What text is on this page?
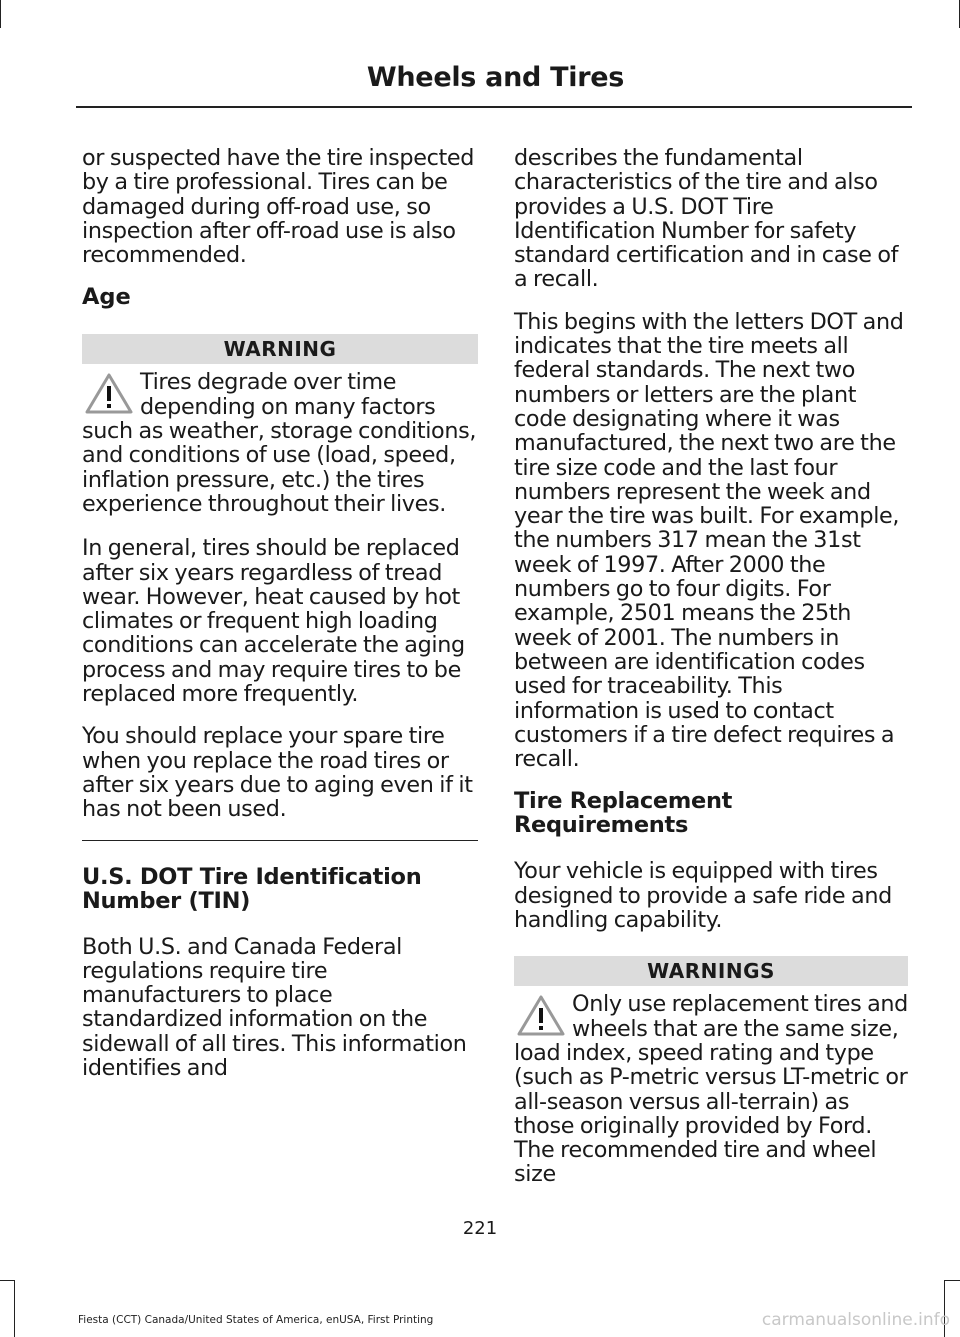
Wheels and Tires

or suspected have the tire inspected by a tire professional. Tires can be damaged during off-road use, so inspection after off-road use is also recommended.

Age
WARNING

Tires degrade over time depending on many factors such as weather, storage conditions, and conditions of use (load, speed, inflation pressure, etc.) the tires experience throughout their lives.

In general, tires should be replaced after six years regardless of tread wear. However, heat caused by hot climates or frequent high loading conditions can accelerate the aging process and may require tires to be replaced more frequently.

You should replace your spare tire when you replace the road tires or after six years due to aging even if it has not been used.

U.S. DOT Tire Identification Number (TIN)

Both U.S. and Canada Federal regulations require tire manufacturers to place standardized information on the sidewall of all tires. This information identifies and

describes the fundamental characteristics of the tire and also provides a U.S. DOT Tire Identification Number for safety standard certification and in case of a recall.

This begins with the letters DOT and indicates that the tire meets all federal standards. The next two numbers or letters are the plant code designating where it was manufactured, the next two are the tire size code and the last four numbers represent the week and year the tire was built. For example, the numbers 317 mean the 31st week of 1997. After 2000 the numbers go to four digits. For example, 2501 means the 25th week of 2001. The numbers in between are identification codes used for traceability. This information is used to contact customers if a tire defect requires a recall.

Tire Replacement Requirements

Your vehicle is equipped with tires designed to provide a safe ride and handling capability.

WARNINGS

Only use replacement tires and wheels that are the same size, load index, speed rating and type (such as P-metric versus LT-metric or all-season versus all-terrain) as those originally provided by Ford. The recommended tire and wheel size

221
Fiesta (CCT) Canada/United States of America, enUSA, First Printing	carmanualsonline.info
